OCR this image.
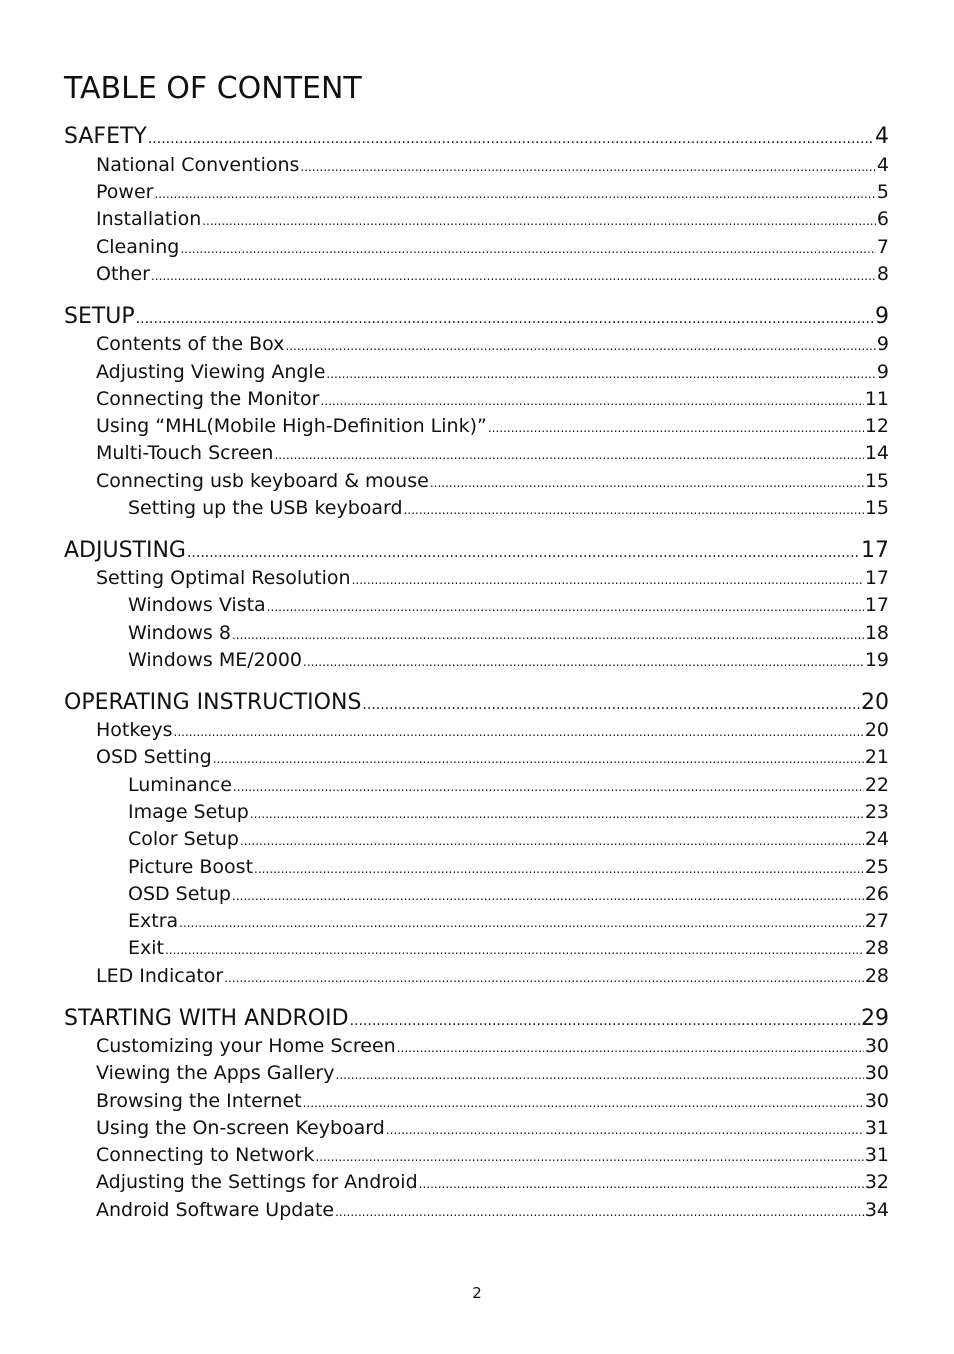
TABLE OF CONTENT
SAFETY .....	4
National Conventions .....	4
Power .....	5
Installation .....	6
Cleaning .....	7
Other .....	8
SETUP .....	9
Contents of the Box .....	9
Adjusting Viewing Angle .....	9
Connecting the Monitor .....	11
Using “MHL(Mobile High-Definition Link)” .....	12
Multi-Touch Screen .....	14
Connecting usb keyboard & mouse .....	15
Setting up the USB keyboard .....	15
ADJUSTING .....	17
Setting Optimal Resolution .....	17
Windows Vista .....	17
Windows 8 .....	18
Windows ME/2000 .....	19
OPERATING INSTRUCTIONS .....	20
Hotkeys .....	20
OSD Setting .....	21
Luminance .....	22
Image Setup .....	23
Color Setup .....	24
Picture Boost .....	25
OSD Setup .....	26
Extra .....	27
Exit .....	28
LED Indicator .....	28
STARTING WITH ANDROID .....	29
Customizing your Home Screen .....	30
Viewing the Apps Gallery .....	30
Browsing the Internet .....	30
Using the On-screen Keyboard .....	31
Connecting to Network .....	31
Adjusting the Settings for Android .....	32
Android Software Update .....	34
2
